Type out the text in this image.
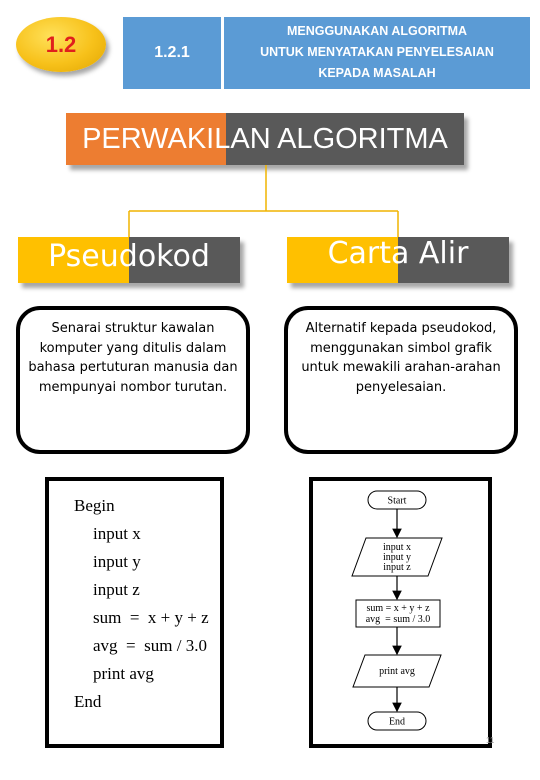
1.2	1.2.1
MENGGUNAKAN ALGORITMA
UNTUK MENYATAKAN PENYELESAIAN
KEPADA MASALAH
PERWAKILAN ALGORITMA
Pseudokod	Carta Alir
Senarai struktur kawalan komputer yang ditulis dalam bahasa pertuturan manusia dan mempunyai nombor turutan.
Alternatif kepada pseudokod, menggunakan simbol grafik untuk mewakili arahan-arahan penyelesaian.
Begin
input x
input y
input z
sum  =  x + y + z
avg  =  sum / 3.0
print avg
End
Start
input x
input y
input z
sum = x + y + z
avg  = sum / 3.0
print avg
End
11
